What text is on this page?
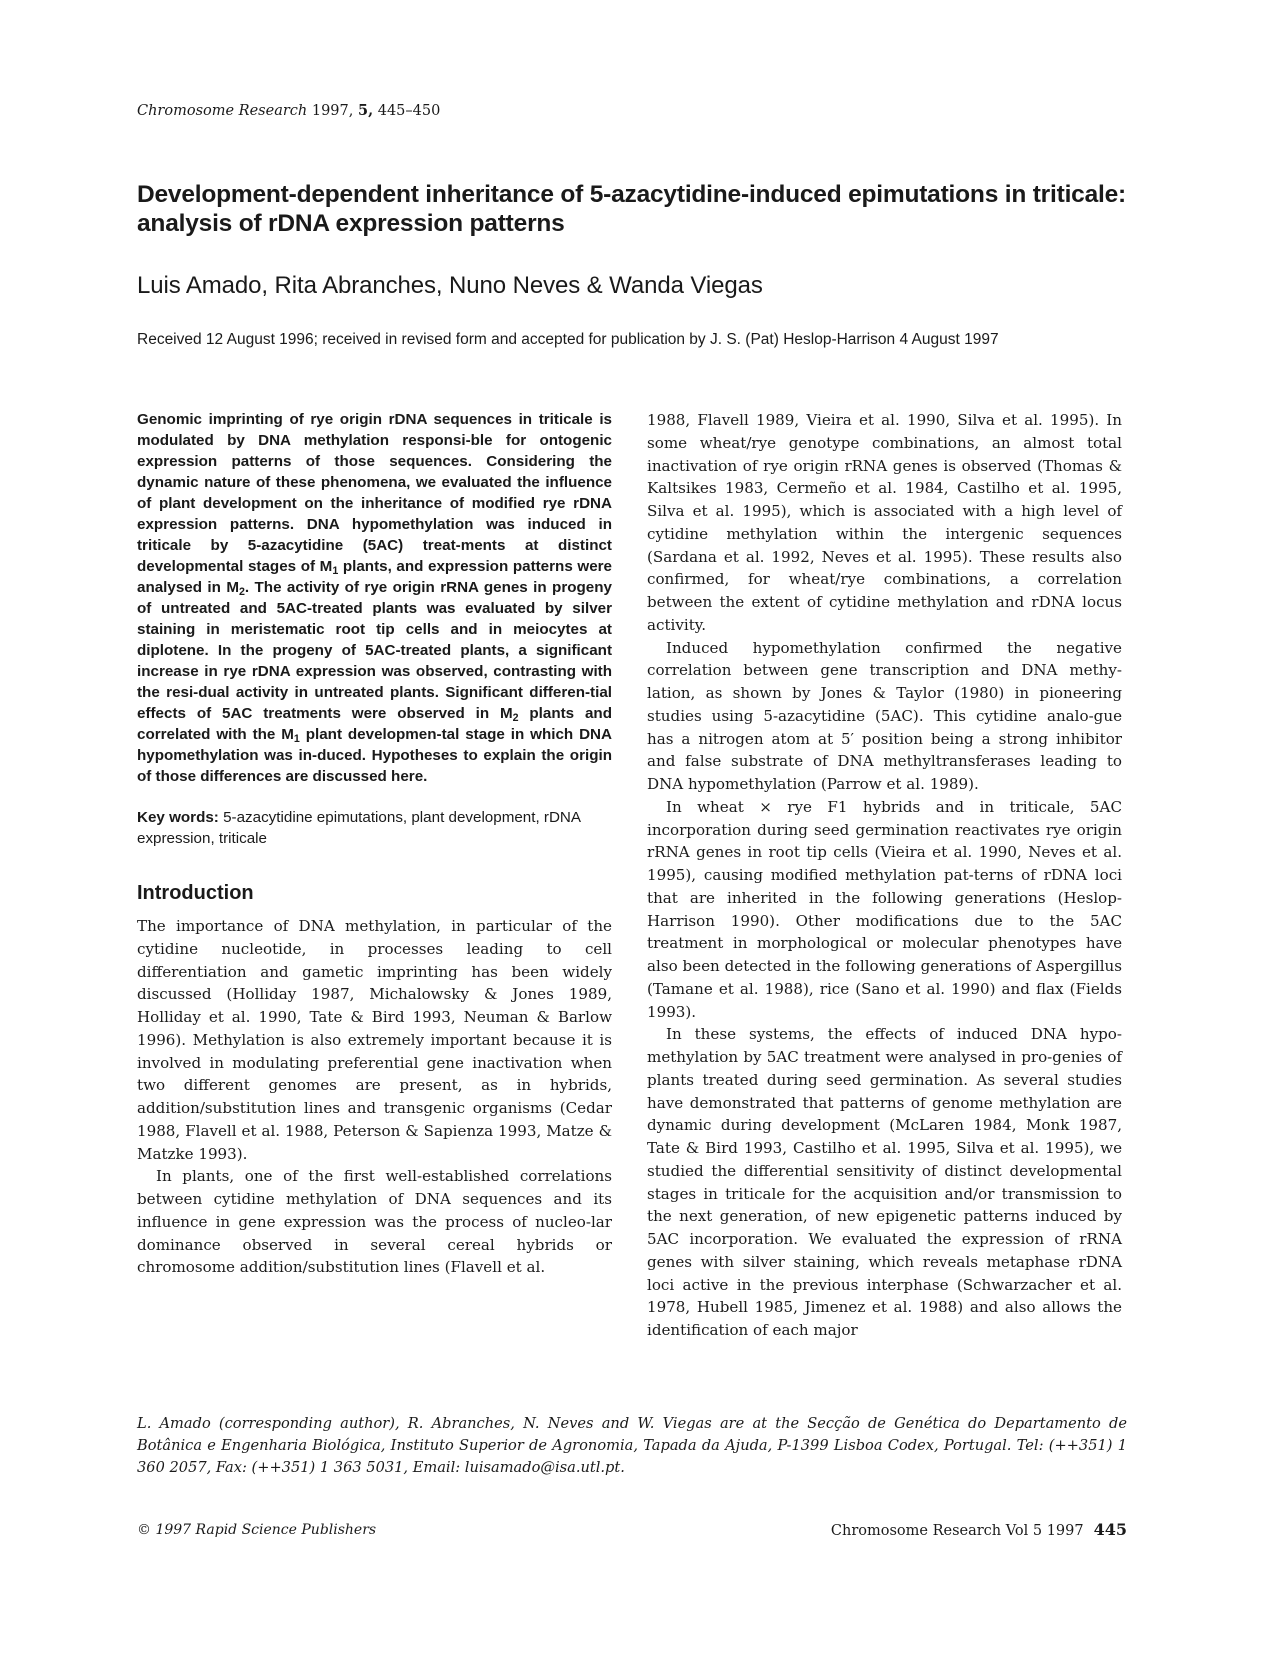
Chromosome Research 1997, 5, 445–450
Development-dependent inheritance of 5-azacytidine-induced epimutations in triticale: analysis of rDNA expression patterns
Luis Amado, Rita Abranches, Nuno Neves & Wanda Viegas
Received 12 August 1996; received in revised form and accepted for publication by J. S. (Pat) Heslop-Harrison 4 August 1997

Genomic imprinting of rye origin rDNA sequences in triticale is modulated by DNA methylation responsi-ble for ontogenic expression patterns of those sequences. Considering the dynamic nature of these phenomena, we evaluated the influence of plant development on the inheritance of modified rye rDNA expression patterns. DNA hypomethylation was induced in triticale by 5-azacytidine (5AC) treat-ments at distinct developmental stages of $M_1$ plants, and expression patterns were analysed in $M_2$. The activity of rye origin rRNA genes in progeny of untreated and 5AC-treated plants was evaluated by silver staining in meristematic root tip cells and in meiocytes at diplotene. In the progeny of 5AC-treated plants, a significant increase in rye rDNA expression was observed, contrasting with the resi-dual activity in untreated plants. Significant differen-tial effects of 5AC treatments were observed in $M_2$ plants and correlated with the $M_1$ plant developmen-tal stage in which DNA hypomethylation was in-duced. Hypotheses to explain the origin of those differences are discussed here.

Key words: 5-azacytidine epimutations, plant development, rDNA expression, triticale

Introduction

The importance of DNA methylation, in particular of the cytidine nucleotide, in processes leading to cell differentiation and gametic imprinting has been widely discussed (Holliday 1987, Michalowsky & Jones 1989, Holliday et al. 1990, Tate & Bird 1993, Neuman & Barlow 1996). Methylation is also extremely important because it is involved in modulating preferential gene inactivation when two different genomes are present, as in hybrids, addition/substitution lines and transgenic organisms (Cedar 1988, Flavell et al. 1988, Peterson & Sapienza 1993, Matze & Matzke 1993).

In plants, one of the first well-established correlations between cytidine methylation of DNA sequences and its influence in gene expression was the process of nucleo-lar dominance observed in several cereal hybrids or chromosome addition/substitution lines (Flavell et al.

1988, Flavell 1989, Vieira et al. 1990, Silva et al. 1995). In some wheat/rye genotype combinations, an almost total inactivation of rye origin rRNA genes is observed (Thomas & Kaltsikes 1983, Cermeño et al. 1984, Castilho et al. 1995, Silva et al. 1995), which is associated with a high level of cytidine methylation within the intergenic sequences (Sardana et al. 1992, Neves et al. 1995). These results also confirmed, for wheat/rye combinations, a correlation between the extent of cytidine methylation and rDNA locus activity.

Induced hypomethylation confirmed the negative correlation between gene transcription and DNA methy-lation, as shown by Jones & Taylor (1980) in pioneering studies using 5-azacytidine (5AC). This cytidine analo-gue has a nitrogen atom at 5′ position being a strong inhibitor and false substrate of DNA methyltransferases leading to DNA hypomethylation (Parrow et al. 1989).

In wheat × rye F1 hybrids and in triticale, 5AC incorporation during seed germination reactivates rye origin rRNA genes in root tip cells (Vieira et al. 1990, Neves et al. 1995), causing modified methylation pat-terns of rDNA loci that are inherited in the following generations (Heslop-Harrison 1990). Other modifications due to the 5AC treatment in morphological or molecular phenotypes have also been detected in the following generations of Aspergillus (Tamane et al. 1988), rice (Sano et al. 1990) and flax (Fields 1993).

In these systems, the effects of induced DNA hypo-methylation by 5AC treatment were analysed in pro-genies of plants treated during seed germination. As several studies have demonstrated that patterns of genome methylation are dynamic during development (McLaren 1984, Monk 1987, Tate & Bird 1993, Castilho et al. 1995, Silva et al. 1995), we studied the differential sensitivity of distinct developmental stages in triticale for the acquisition and/or transmission to the next generation, of new epigenetic patterns induced by 5AC incorporation. We evaluated the expression of rRNA genes with silver staining, which reveals metaphase rDNA loci active in the previous interphase (Schwarzacher et al. 1978, Hubell 1985, Jimenez et al. 1988) and also allows the identification of each major

L. Amado (corresponding author), R. Abranches, N. Neves and W. Viegas are at the Secção de Genética do Departamento de Botânica e Engenharia Biológica, Instituto Superior de Agronomia, Tapada da Ajuda, P-1399 Lisboa Codex, Portugal. Tel: (++351) 1 360 2057, Fax: (++351) 1 363 5031, Email: luisamado@isa.utl.pt.
© 1997 Rapid Science Publishers	Chromosome Research Vol 5 1997 445
